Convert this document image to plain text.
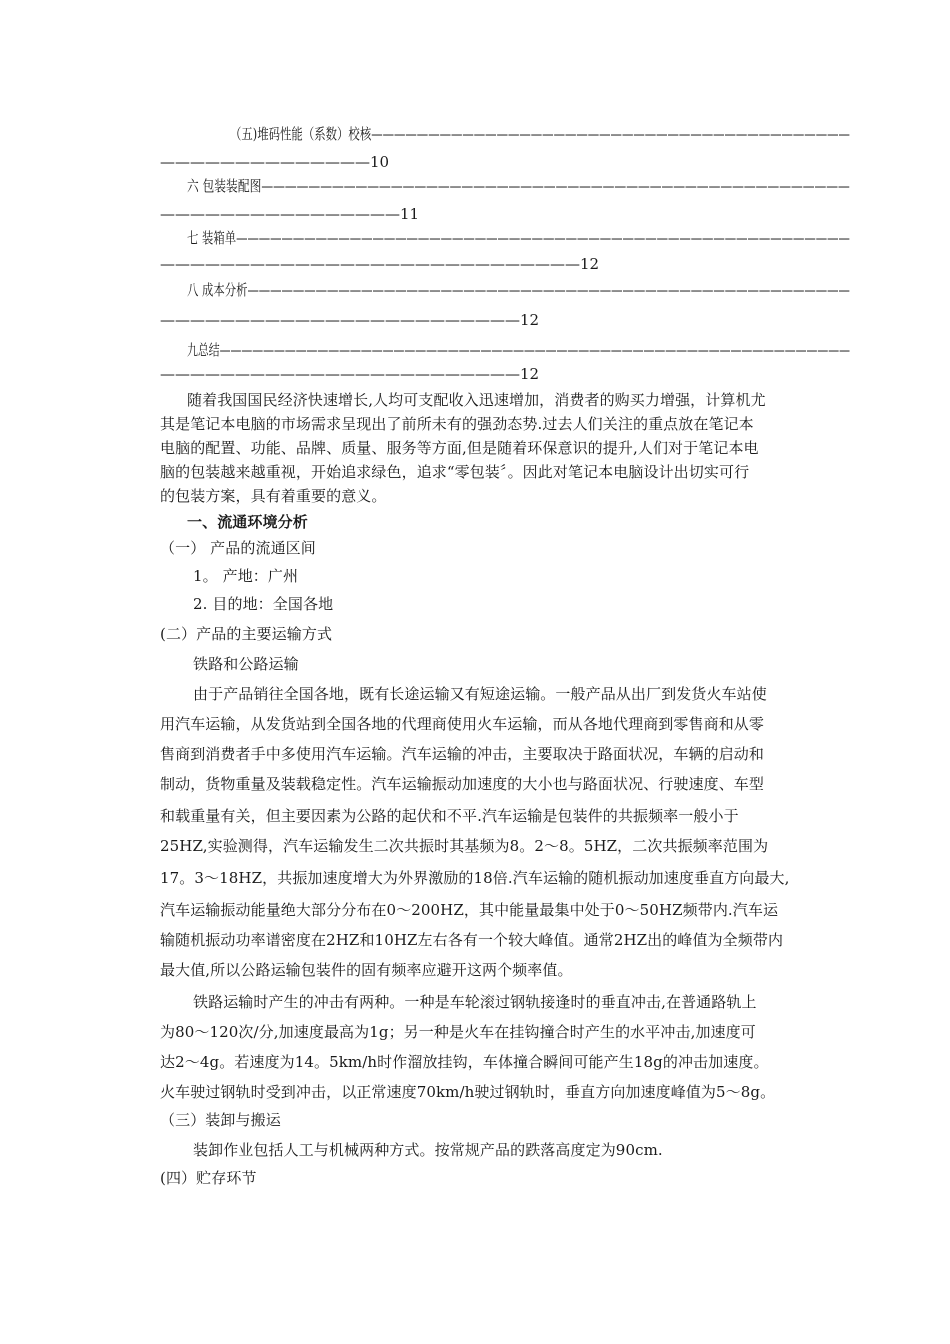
（五)堆码性能（系数）校核——————————————————————————————————————————
——————————————10
六 包装装配图——————————————————————————————————————————————————
————————————————11
七 装箱单——————————————————————————————————————————————————————
————————————————————————————12
八 成本分析—————————————————————————————————————————————————————
————————————————————————12
九总结——————————————————————————————————————————————————————————
————————————————————————12
随着我国国民经济快速增长,人均可支配收入迅速增加，消费者的购买力增强，计算机尤
其是笔记本电脑的市场需求呈现出了前所未有的强劲态势.过去人们关注的重点放在笔记本
电脑的配置、功能、品牌、质量、服务等方面,但是随着环保意识的提升,人们对于笔记本电
脑的包装越来越重视，开始追求绿色，追求“零包装〞。因此对笔记本电脑设计出切实可行
的包装方案，具有着重要的意义。
一、流通环境分析
（一） 产品的流通区间
1。 产地：广州
2. 目的地：全国各地
(二）产品的主要运输方式
铁路和公路运输
由于产品销往全国各地，既有长途运输又有短途运输。一般产品从出厂到发货火车站使
用汽车运输，从发货站到全国各地的代理商使用火车运输，而从各地代理商到零售商和从零
售商到消费者手中多使用汽车运输。汽车运输的冲击，主要取决于路面状况，车辆的启动和
制动，货物重量及装载稳定性。汽车运输振动加速度的大小也与路面状况、行驶速度、车型
和载重量有关，但主要因素为公路的起伏和不平.汽车运输是包装件的共振频率一般小于
25HZ,实验测得，汽车运输发生二次共振时其基频为8。2～8。5HZ，二次共振频率范围为
17。3～18HZ，共振加速度增大为外界激励的18倍.汽车运输的随机振动加速度垂直方向最大,
汽车运输振动能量绝大部分分布在0～200HZ，其中能量最集中处于0～50HZ频带内.汽车运
输随机振动功率谱密度在2HZ和10HZ左右各有一个较大峰值。通常2HZ出的峰值为全频带内
最大值,所以公路运输包装件的固有频率应避开这两个频率值。
铁路运输时产生的冲击有两种。一种是车轮滚过钢轨接逢时的垂直冲击,在普通路轨上
为80～120次/分,加速度最高为1g；另一种是火车在挂钩撞合时产生的水平冲击,加速度可
达2～4g。若速度为14。5km/h时作溜放挂钩，车体撞合瞬间可能产生18g的冲击加速度。
火车驶过钢轨时受到冲击，以正常速度70km/h驶过钢轨时，垂直方向加速度峰值为5～8g。
（三）装卸与搬运
装卸作业包括人工与机械两种方式。按常规产品的跌落高度定为90cm.
(四）贮存环节
